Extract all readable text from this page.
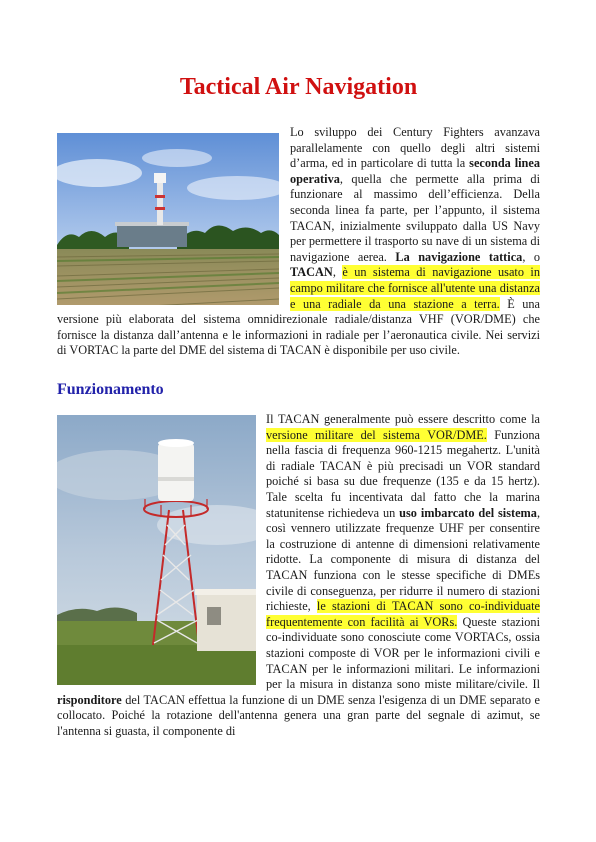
Tactical Air Navigation

Lo sviluppo dei Century Fighters avanzava parallelamente con quello degli altri sistemi d’arma, ed in particolare di tutta la seconda linea operativa, quella che permette alla prima di funzionare al massimo dell’efficienza. Della seconda linea fa parte, per l’appunto, il sistema TACAN, inizialmente sviluppato dalla US Navy per permettere il trasporto su nave di un sistema di navigazione aerea. La navigazione tattica, o TACAN, è un sistema di navigazione usato in campo militare che fornisce all'utente una distanza e una radiale da una stazione a terra. È una versione più elaborata del sistema omnidirezionale radiale/distanza VHF (VOR/DME) che fornisce la distanza dall’antenna e le informazioni in radiale per l’aeronautica civile. Nei servizi di VORTAC la parte del DME del sistema di TACAN è disponibile per uso civile.

Funzionamento

Il TACAN generalmente può essere descritto come la versione militare del sistema VOR/DME. Funziona nella fascia di frequenza 960-1215 megahertz. L'unità di radiale TACAN è più precisadi un VOR standard poiché si basa su due frequenze (135 e da 15 hertz). Tale scelta fu incentivata dal fatto che la marina statunitense richiedeva un uso imbarcato del sistema, così vennero utilizzate frequenze UHF per consentire la costruzione di antenne di dimensioni relativamente ridotte. La componente di misura di distanza del TACAN funziona con le stesse specifiche di DMEs civile di conseguenza, per ridurre il numero di stazioni richieste, le stazioni di TACAN sono co-individuate frequentemente con facilità ai VORs. Queste stazioni co-individuate sono conosciute come VORTACs, ossia stazioni composte di VOR per le informazioni civili e TACAN per le informazioni militari. Le informazioni per la misura in distanza sono miste militare/civile. Il risponditore del TACAN effettua la funzione di un DME senza l'esigenza di un DME separato e collocato. Poiché la rotazione dell'antenna genera una gran parte del segnale di azimut, se l'antenna si guasta, il componente di
